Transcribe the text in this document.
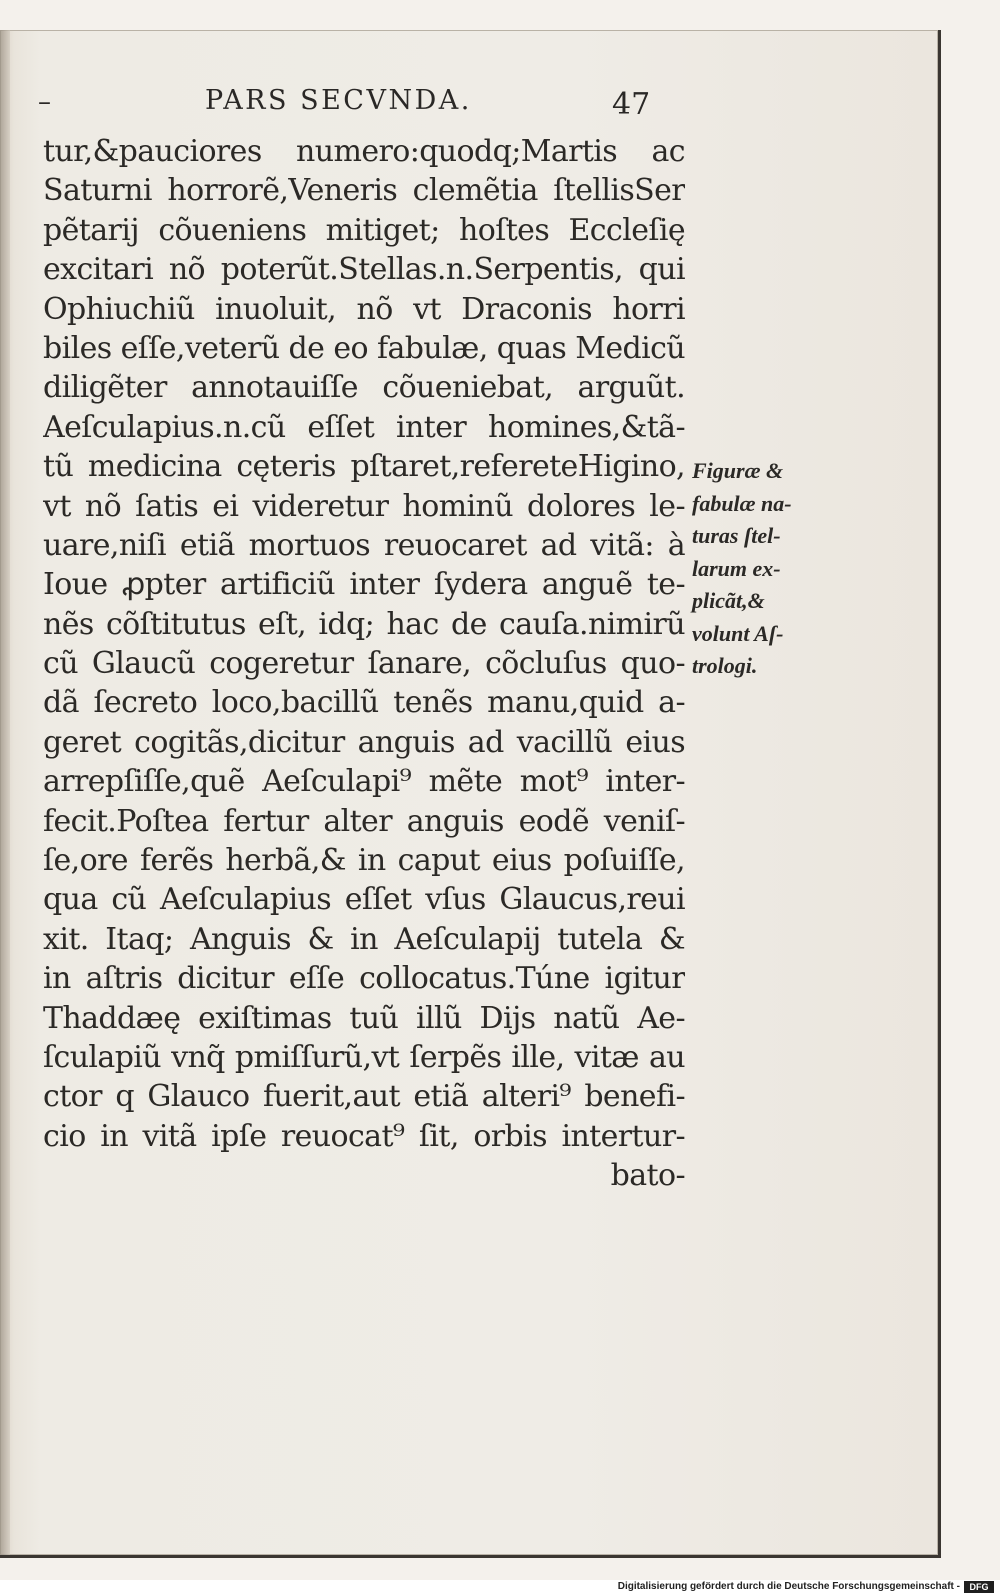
–	PARS SECVNDA.	47
tur,&pauciores numero:quodq;Martis ac
Saturni horrorẽ,Veneris clemẽtia ſtellisSer
pẽtarij cõueniens mitiget; hoſtes Eccleſię
excitari nõ poterũt.Stellas.n.Serpentis, qui
Ophiuchiũ inuoluit, nõ vt Draconis horri
biles eſſe,veterũ de eo fabulæ, quas Medicũ
diligẽter annotauiſſe cõueniebat, arguũt.
Aeſculapius.n.cũ eſſet inter homines,&tã-
tũ medicina cęteris pſtaret,refereteHigino,
vt nõ ſatis ei videretur hominũ dolores le-
uare,niſi etiã mortuos reuocaret ad vitã: à
Ioue ꝓpter artificiũ inter ſydera anguẽ te-
nẽs cõſtitutus eſt, idq; hac de cauſa.nimirũ
cũ Glaucũ cogeretur ſanare, cõcluſus quo-
dã ſecreto loco,bacillũ tenẽs manu,quid a-
geret cogitãs,dicitur anguis ad vacillũ eius
arrepſiſſe,quẽ Aeſculapi⁹ mẽte mot⁹ inter-
fecit.Poſtea fertur alter anguis eodẽ veniſ-
ſe,ore ferẽs herbã,& in caput eius poſuiſſe,
qua cũ Aeſculapius eſſet vſus Glaucus,reui
xit. Itaq; Anguis & in Aeſculapij tutela &
in aſtris dicitur eſſe collocatus.Túne igitur
Thaddæę exiſtimas tuũ illũ Dijs natũ Ae-
ſculapiũ vnq̃ pmiſſurũ,vt ſerpẽs ille, vitæ au
ctor q Glauco fuerit,aut etiã alteri⁹ benefi-
cio in vitã ipſe reuocat⁹ ſit, orbis intertur-
bato-
Figuræ &
fabulæ na-
turas ſtel-
larum ex-
plicãt,&
volunt Aſ-
trologi.
Digitalisierung gefördert durch die Deutsche Forschungsgemeinschaft -	DFG
